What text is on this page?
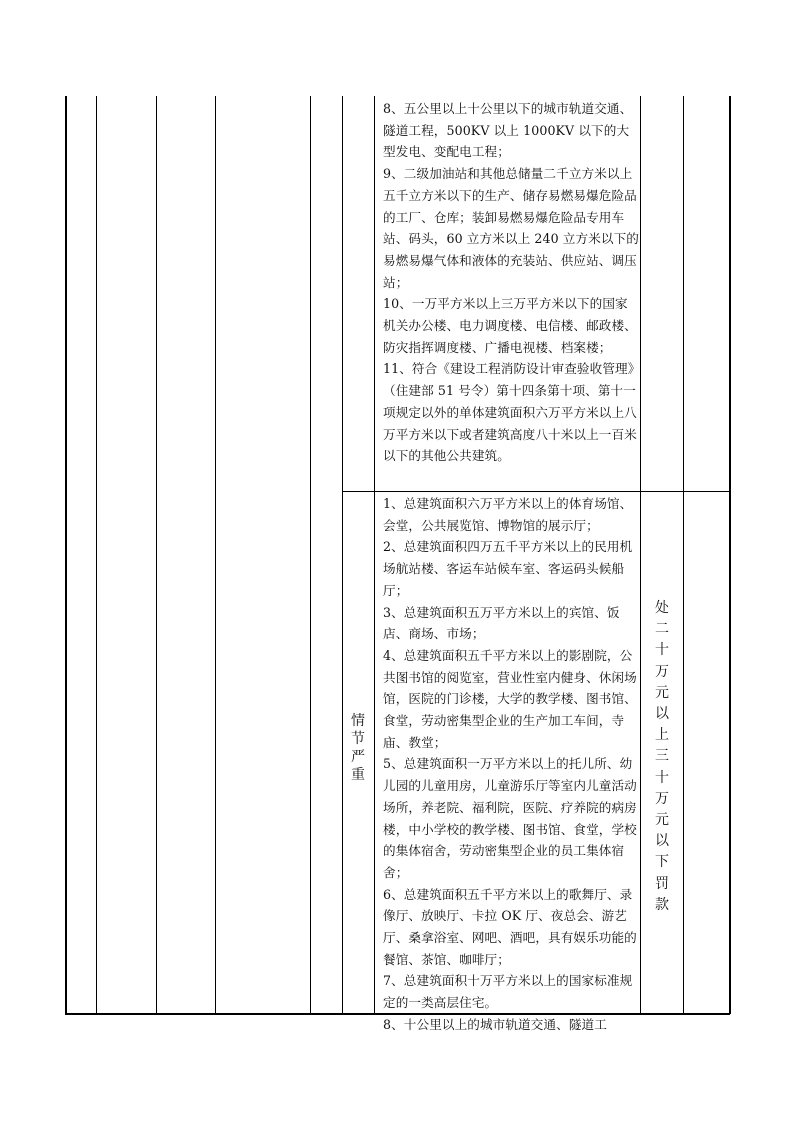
8、五公里以上十公里以下的城市轨道交通、隧道工程，500KV 以上 1000KV 以下的大型发电、变配电工程；

9、二级加油站和其他总储量二千立方米以上五千立方米以下的生产、储存易燃易爆危险品的工厂、仓库；装卸易燃易爆危险品专用车站、码头，60 立方米以上 240 立方米以下的易燃易爆气体和液体的充装站、供应站、调压站；

10、一万平方米以上三万平方米以下的国家机关办公楼、电力调度楼、电信楼、邮政楼、防灾指挥调度楼、广播电视楼、档案楼；

11、符合《建设工程消防设计审查验收管理》（住建部 51 号令）第十四条第十项、第十一项规定以外的单体建筑面积六万平方米以上八万平方米以下或者建筑高度八十米以上一百米以下的其他公共建筑。

情节严重

1、总建筑面积六万平方米以上的体育场馆、会堂，公共展览馆、博物馆的展示厅；

2、总建筑面积四万五千平方米以上的民用机场航站楼、客运车站候车室、客运码头候船厅；

3、总建筑面积五万平方米以上的宾馆、饭店、商场、市场；

4、总建筑面积五千平方米以上的影剧院，公共图书馆的阅览室，营业性室内健身、休闲场馆，医院的门诊楼，大学的教学楼、图书馆、食堂，劳动密集型企业的生产加工车间，寺庙、教堂；

5、总建筑面积一万平方米以上的托儿所、幼儿园的儿童用房，儿童游乐厅等室内儿童活动场所，养老院、福利院，医院、疗养院的病房楼，中小学校的教学楼、图书馆、食堂，学校的集体宿舍，劳动密集型企业的员工集体宿舍；

6、总建筑面积五千平方米以上的歌舞厅、录像厅、放映厅、卡拉 OK 厅、夜总会、游艺厅、桑拿浴室、网吧、酒吧，具有娱乐功能的餐馆、茶馆、咖啡厅；

7、总建筑面积十万平方米以上的国家标准规定的一类高层住宅。

8、十公里以上的城市轨道交通、隧道工

处二十万元以上三十万元以下罚款
